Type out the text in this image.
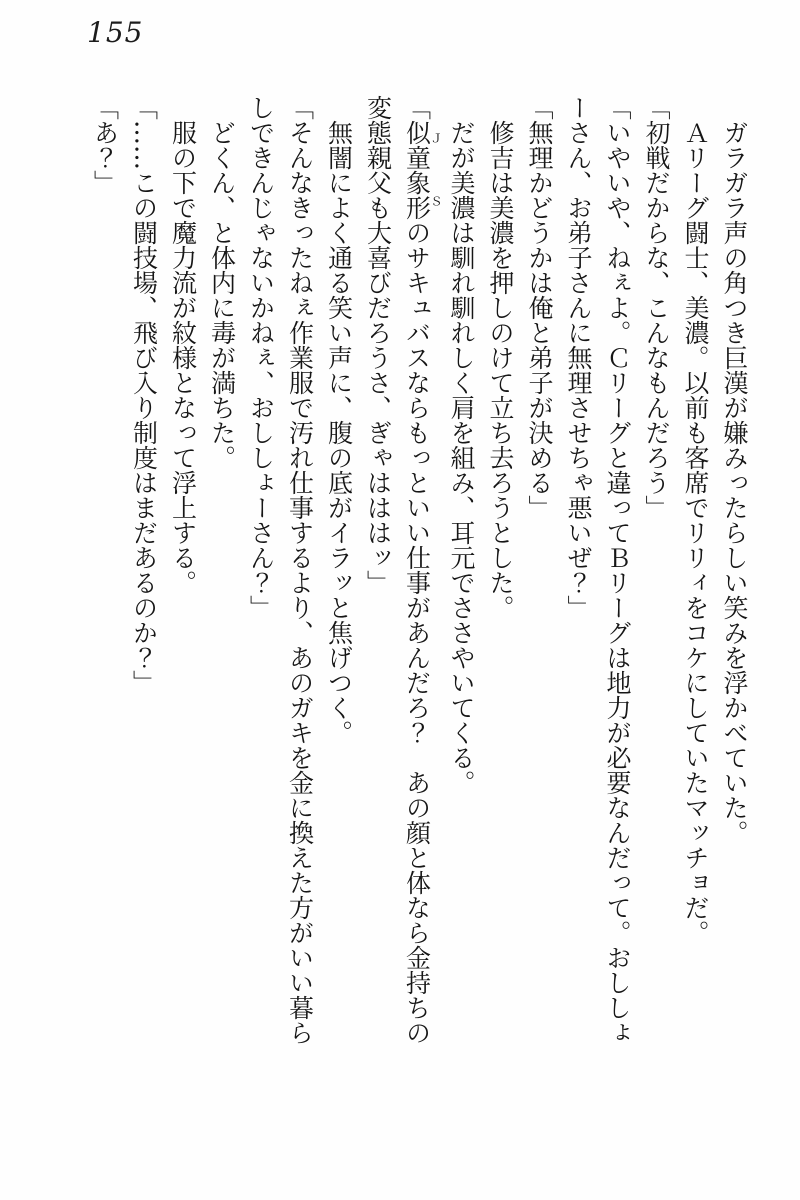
155

ガラガラ声の角つき巨漢が嫌みったらしい笑みを浮かべていた。

Ａリーグ闘士、美濃。以前も客席でリリィをコケにしていたマッチョだ。

「初戦だからな、こんなもんだろう」

「いやいや、ねぇよ。Ｃリーグと違ってＢリーグは地力が必要なんだって。おししょーさん、お弟子さんに無理させちゃ悪いぜ？」

「無理かどうかは俺と弟子が決める」

修吉は美濃を押しのけて立ち去ろうとした。

だが美濃は馴れ馴れしく肩を組み、耳元でささやいてくる。

「似童象形ＪＳのサキュバスならもっといい仕事があんだろ？　あの顔と体なら金持ちの変態親父も大喜びだろうさ、ぎゃはははッ」

無闇によく通る笑い声に、腹の底がイラッと焦げつく。

「そんなきったねぇ作業服で汚れ仕事するより、あのガキを金に換えた方がいい暮らしできんじゃないかねぇ、おししょーさん？」

どくん、と体内に毒が満ちた。

服の下で魔力流が紋様となって浮上する。

「……この闘技場、飛び入り制度はまだあるのか？」

「あ？」
